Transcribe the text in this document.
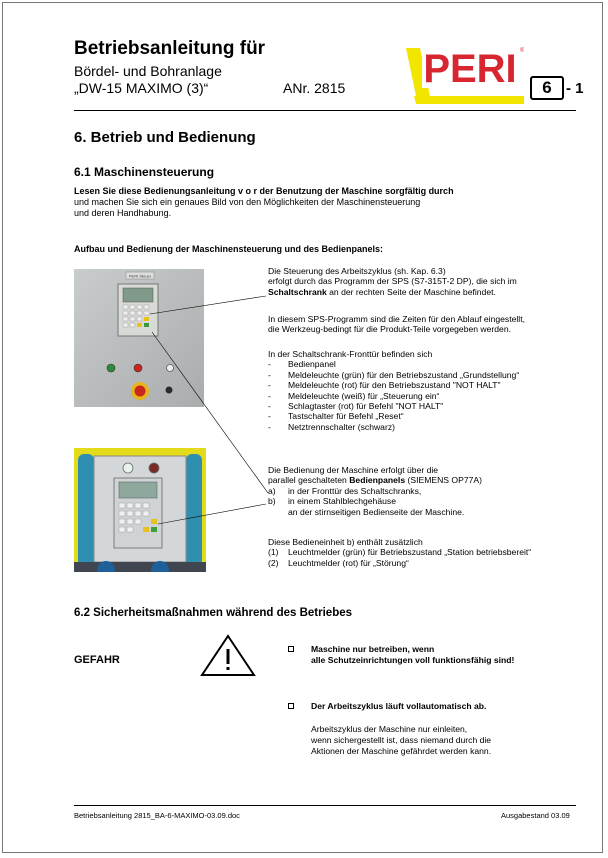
Betriebsanleitung für
Bördel- und Bohranlage
„DW-15 MAXIMO (3)“	ANr. 2815 PERI ®
6 - 1
6. Betrieb und Bedienung
6.1 Maschinensteuerung
Lesen Sie diese Bedienungsanleitung v o r der Benutzung der Maschine sorgfältig durch
und machen Sie sich ein genaues Bild von den Möglichkeiten der Maschinensteuerung
und deren Handhabung.
Aufbau und Bedienung der Maschinensteuerung und des Bedienpanels:
PERI Steuer	Die Steuerung des Arbeitszyklus (sh. Kap. 6.3)
erfolgt durch das Programm der SPS (S7-315T-2 DP), die sich im
Schaltschrank an der rechten Seite der Maschine befindet.
In diesem SPS-Programm sind die Zeiten für den Ablauf eingestellt,
die Werkzeug-bedingt für die Produkt-Teile vorgegeben werden.
In der Schaltschrank-Fronttür befinden sich
-	Bedienpanel
-	Meldeleuchte (grün) für den Betriebszustand „Grundstellung“
-	Meldeleuchte (rot) für den Betriebszustand "NOT HALT"
-	Meldeleuchte (weiß) für „Steuerung ein“
-	Schlagtaster (rot) für Befehl "NOT HALT"
-	Tastschalter für Befehl „Reset“
-	Netztrennschalter (schwarz)
Die Bedienung der Maschine erfolgt über die
parallel geschalteten Bedienpanels (SIEMENS OP77A)
a)	in der Fronttür des Schaltschranks,
b)	in einem Stahlblechgehäuse
an der stirnseitigen Bedienseite der Maschine.
Diese Bedieneinheit b) enthält zusätzlich
(1)	Leuchtmelder (grün) für Betriebszustand „Station betriebsbereit“
(2)	Leuchtmelder (rot) für „Störung“
6.2 Sicherheitsmaßnahmen während des Betriebes
GEFAHR
Maschine nur betreiben, wenn
alle Schutzeinrichtungen voll funktionsfähig sind!
Der Arbeitszyklus läuft vollautomatisch ab.
Arbeitszyklus der Maschine nur einleiten,
wenn sichergestellt ist, dass niemand durch die
Aktionen der Maschine gefährdet werden kann.
Betriebsanleitung 2815_BA-6-MAXIMO-03.09.doc	Ausgabestand 03.09
